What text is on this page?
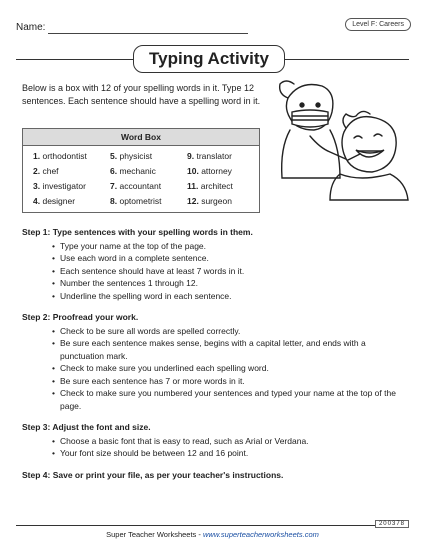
Name:	Level F: Careers
Typing Activity
Below is a box with 12 of your spelling words in it. Type 12 sentences. Each sentence should have a spelling word in it.
Word Box
1. orthodontist	5. physicist	9. translator
2. chef	6. mechanic	10. attorney
3. investigator	7. accountant	11. architect
4. designer	8. optometrist	12. surgeon
Step 1: Type sentences with your spelling words in them.
• Type your name at the top of the page.
• Use each word in a complete sentence.
• Each sentence should have at least 7 words in it.
• Number the sentences 1 through 12.
• Underline the spelling word in each sentence.
Step 2: Proofread your work.
• Check to be sure all words are spelled correctly.
• Be sure each sentence makes sense, begins with a capital letter, and ends with a punctuation mark.
• Check to make sure you underlined each spelling word.
• Be sure each sentence has 7 or more words in it.
• Check to make sure you numbered your sentences and typed your name at the top of the page.
Step 3: Adjust the font and size.
• Choose a basic font that is easy to read, such as Arial or Verdana.
• Your font size should be between 12 and 16 point.
Step 4: Save or print your file, as per your teacher's instructions.
200378
Super Teacher Worksheets - www.superteacherworksheets.com
